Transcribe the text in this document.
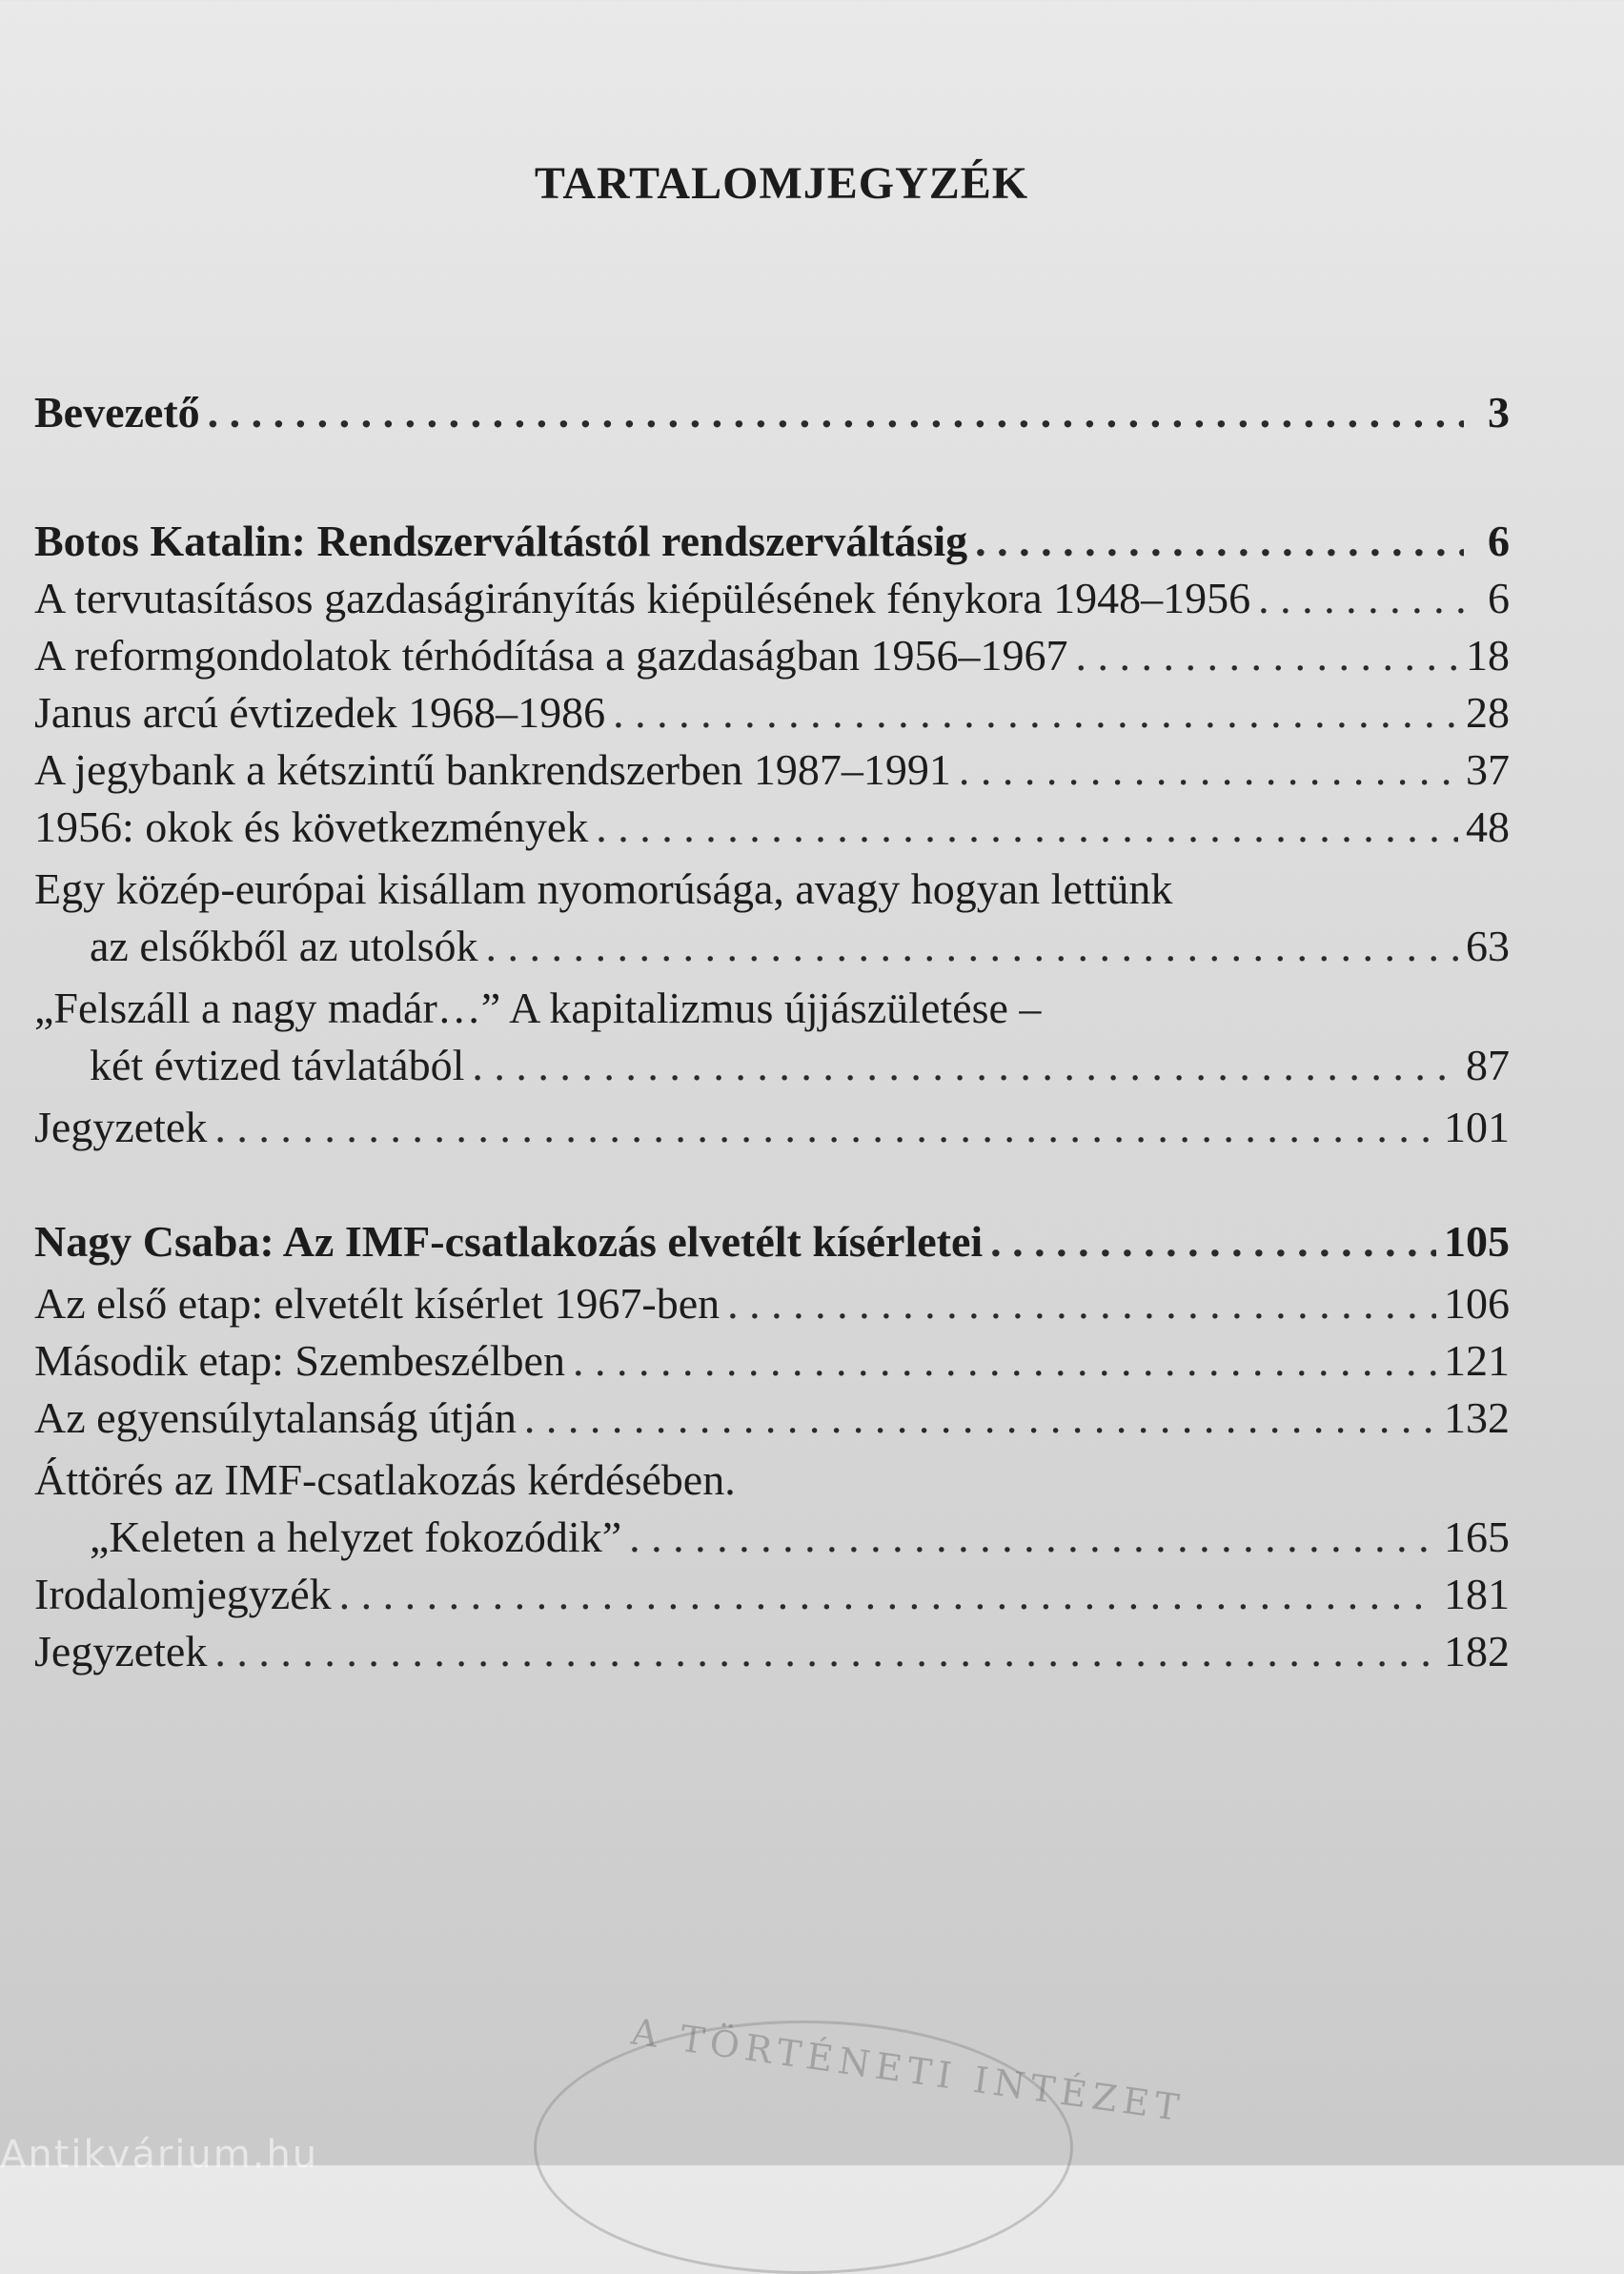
TARTALOMJEGYZÉK
Bevezető . . .	3
Botos Katalin: Rendszerváltástól rendszerváltásig . . .	6
A tervutasításos gazdaságirányítás kiépülésének fénykora 1948–1956 . . .	6
A reformgondolatok térhódítása a gazdaságban 1956–1967 . . .	18
Janus arcú évtizedek 1968–1986 . . .	28
A jegybank a kétszintű bankrendszerben 1987–1991 . . .	37
1956: okok és következmények . . .	48
Egy közép-európai kisállam nyomorúsága, avagy hogyan lettünk
az elsőkből az utolsók . . .	63
„Felszáll a nagy madár…” A kapitalizmus újjászületése –
két évtized távlatából . . .	87
Jegyzetek . . .	101
Nagy Csaba: Az IMF-csatlakozás elvetélt kísérletei . . .	105
Az első etap: elvetélt kísérlet 1967-ben . . .	106
Második etap: Szembeszélben . . .	121
Az egyensúlytalanság útján . . .	132
Áttörés az IMF-csatlakozás kérdésében.
„Keleten a helyzet fokozódik” . . .	165
Irodalomjegyzék . . .	181
Jegyzetek . . .	182
A TÖRTÉNETI INTÉZET
Antikvárium.hu
